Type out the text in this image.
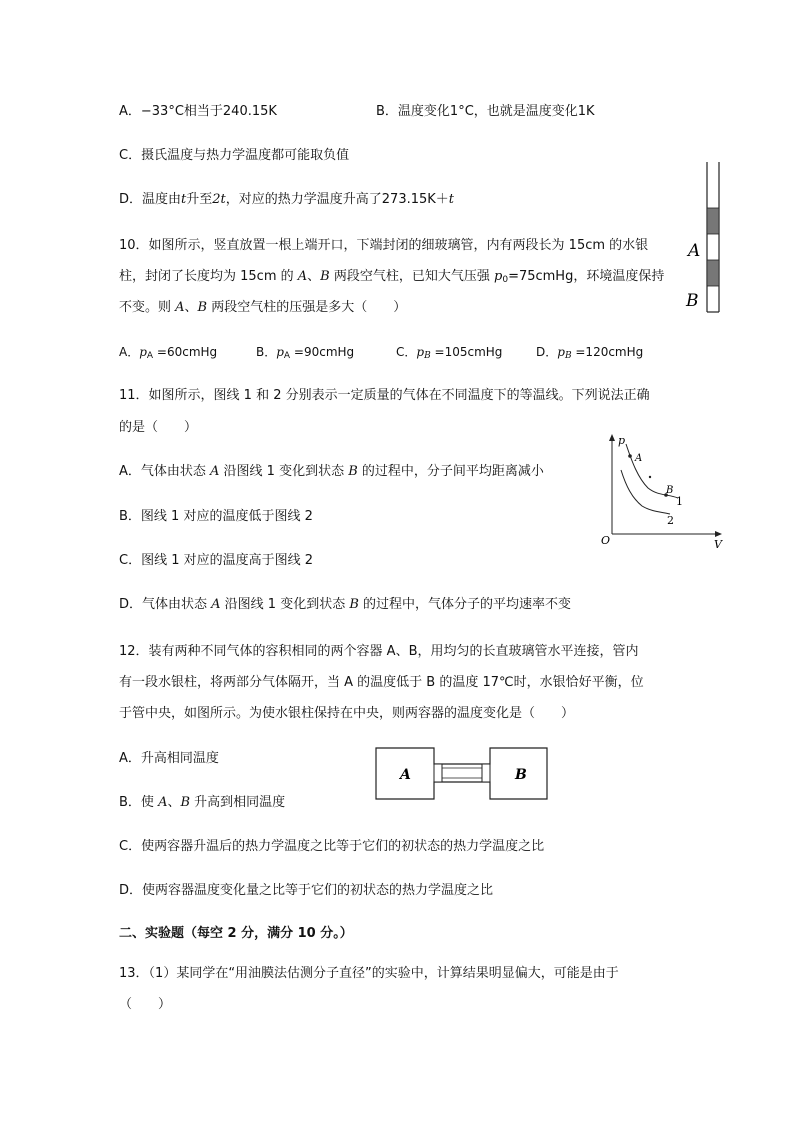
A．−33°C相当于240.15K	B．温度变化1°C，也就是温度变化1K
C．摄氏温度与热力学温度都可能取负值
D．温度由t升至2t，对应的热力学温度升高了273.15K＋t
10．如图所示，竖直放置一根上端开口，下端封闭的细玻璃管，内有两段长为 15cm 的水银
柱，封闭了长度均为 15cm 的 A、B 两段空气柱，已知大气压强 $p_0=75cmHg$，环境温度保持
不变。则 A、B 两段空气柱的压强是多大（　　）
A．$p_A$ =60cmHg	B．$p_A$ =90cmHg	C．$p_B$ =105cmHg	D．$p_B$ =120cmHg
A
B
11．如图所示，图线 1 和 2 分别表示一定质量的气体在不同温度下的等温线。下列说法正确
的是（　　）
A．气体由状态 A 沿图线 1 变化到状态 B 的过程中，分子间平均距离减小
B．图线 1 对应的温度低于图线 2
C．图线 1 对应的温度高于图线 2
D．气体由状态 A 沿图线 1 变化到状态 B 的过程中，气体分子的平均速率不变
p
V
O
A
B
1
2
12．装有两种不同气体的容积相同的两个容器 A、B，用均匀的长直玻璃管水平连接，管内
有一段水银柱，将两部分气体隔开，当 A 的温度低于 B 的温度 17℃时，水银恰好平衡，位
于管中央，如图所示。为使水银柱保持在中央，则两容器的温度变化是（　　）
A．升高相同温度
B．使 A、B 升高到相同温度
C．使两容器升温后的热力学温度之比等于它们的初状态的热力学温度之比
D．使两容器温度变化量之比等于它们的初状态的热力学温度之比
A	B
二、实验题（每空 2 分，满分 10 分。）
13．（1）某同学在“用油膜法估测分子直径”的实验中，计算结果明显偏大，可能是由于
（　　）
